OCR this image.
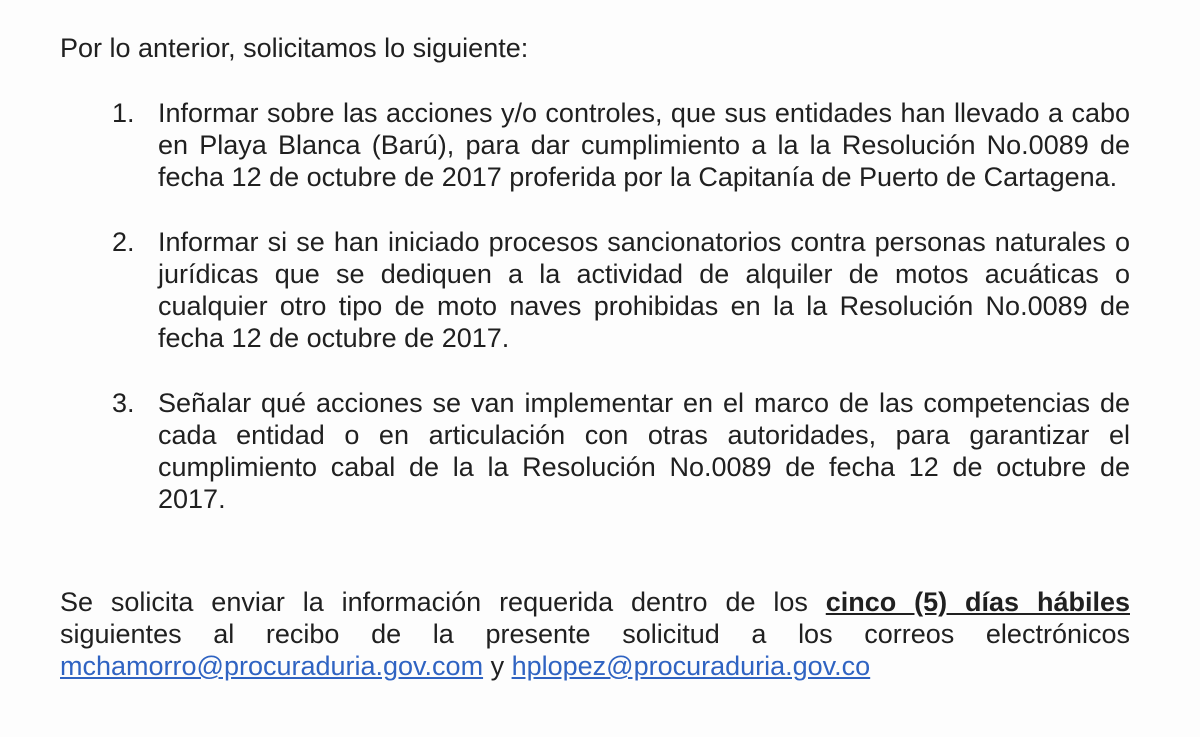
Por lo anterior, solicitamos lo siguiente:

1. Informar sobre las acciones y/o controles, que sus entidades han llevado a cabo en Playa Blanca (Barú), para dar cumplimiento a la la Resolución No.0089 de fecha 12 de octubre de 2017 proferida por la Capitanía de Puerto de Cartagena.

2. Informar si se han iniciado procesos sancionatorios contra personas naturales o jurídicas que se dediquen a la actividad de alquiler de motos acuáticas o cualquier otro tipo de moto naves prohibidas en la la Resolución No.0089 de fecha 12 de octubre de 2017.

3. Señalar qué acciones se van implementar en el marco de las competencias de cada entidad o en articulación con otras autoridades, para garantizar el cumplimiento cabal de la la Resolución No.0089 de fecha 12 de octubre de 2017.

Se solicita enviar la información requerida dentro de los cinco (5) días hábiles siguientes al recibo de la presente solicitud a los correos electrónicos mchamorro@procuraduria.gov.com y hplopez@procuraduria.gov.co
